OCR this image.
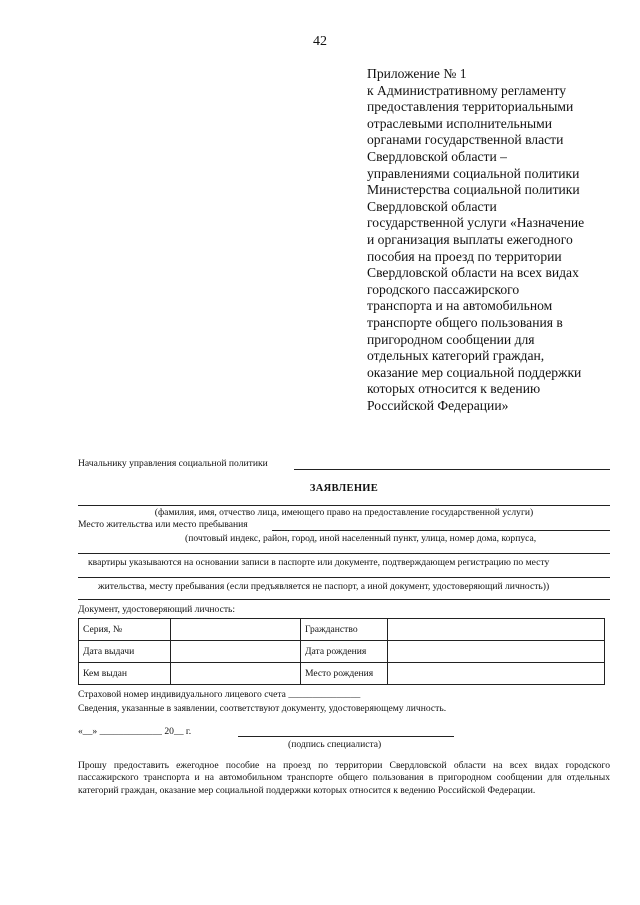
42
Приложение № 1
к Административному регламенту
предоставления территориальными
отраслевыми исполнительными
органами государственной власти
Свердловской области –
управлениями социальной политики
Министерства социальной политики
Свердловской области
государственной услуги «Назначение
и организация выплаты ежегодного
пособия на проезд по территории
Свердловской области на всех видах
городского пассажирского
транспорта и на автомобильном
транспорте общего пользования в
пригородном сообщении для
отдельных категорий граждан,
оказание мер социальной поддержки
которых относится к ведению
Российской Федерации»
Начальнику управления социальной политики
ЗАЯВЛЕНИЕ
(фамилия, имя, отчество лица, имеющего право на предоставление государственной услуги)
Место жительства или место пребывания
(почтовый индекс, район, город, иной населенный пункт, улица, номер дома, корпуса,
квартиры указываются на основании записи в паспорте или документе, подтверждающем регистрацию по месту
жительства, месту пребывания (если предъявляется не паспорт, а иной документ, удостоверяющий личность))
Документ, удостоверяющий личность:
Серия, №		Гражданство	
Дата выдачи		Дата рождения	
Кем выдан		Место рождения	
Страховой номер индивидуального лицевого счета _______________
Сведения, указанные в заявлении, соответствуют документу, удостоверяющему личность.
«__» _____________ 20__ г.
(подпись специалиста)
Прошу предоставить ежегодное пособие на проезд по территории Свердловской области на всех видах городского пассажирского транспорта и на автомобильном транспорте общего пользования в пригородном сообщении для отдельных категорий граждан, оказание мер социальной поддержки которых относится к ведению Российской Федерации.
